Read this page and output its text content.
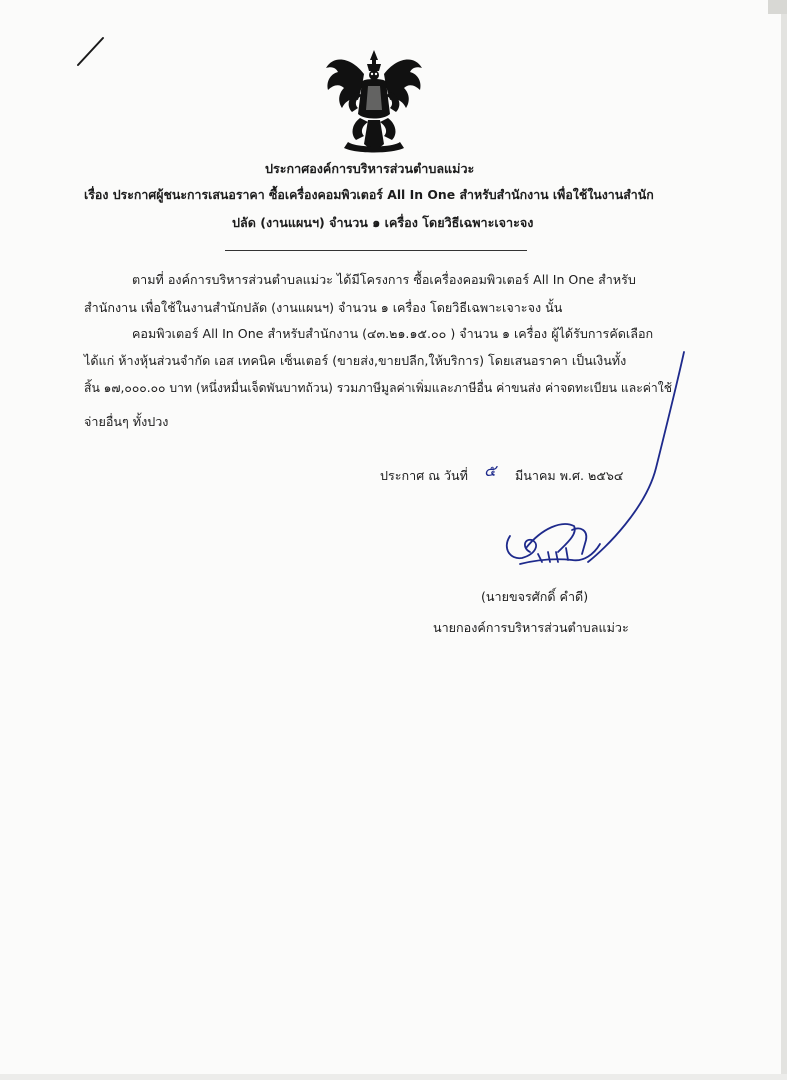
ประกาศองค์การบริหารส่วนตำบลแม่วะ
เรื่อง ประกาศผู้ชนะการเสนอราคา ซื้อเครื่องคอมพิวเตอร์ All In One สำหรับสำนักงาน เพื่อใช้ในงานสำนัก
ปลัด (งานแผนฯ) จำนวน ๑ เครื่อง โดยวิธีเฉพาะเจาะจง
ตามที่ องค์การบริหารส่วนตำบลแม่วะ ได้มีโครงการ ซื้อเครื่องคอมพิวเตอร์ All In One สำหรับ
สำนักงาน เพื่อใช้ในงานสำนักปลัด (งานแผนฯ) จำนวน ๑ เครื่อง โดยวิธีเฉพาะเจาะจง นั้น
คอมพิวเตอร์ All In One สำหรับสำนักงาน (๔๓.๒๑.๑๕.๐๐ ) จำนวน ๑ เครื่อง ผู้ได้รับการคัดเลือก
ได้แก่ ห้างหุ้นส่วนจำกัด เอส เทคนิค เซ็นเตอร์ (ขายส่ง,ขายปลีก,ให้บริการ) โดยเสนอราคา เป็นเงินทั้ง
สิ้น ๑๗,๐๐๐.๐๐ บาท (หนึ่งหมื่นเจ็ดพันบาทถ้วน) รวมภาษีมูลค่าเพิ่มและภาษีอื่น ค่าขนส่ง ค่าจดทะเบียน และค่าใช้
จ่ายอื่นๆ ทั้งปวง
ประกาศ ณ วันที่ ๕ มีนาคม พ.ศ. ๒๕๖๔
(นายขจรศักดิ์ คำดี)
นายกองค์การบริหารส่วนตำบลแม่วะ
